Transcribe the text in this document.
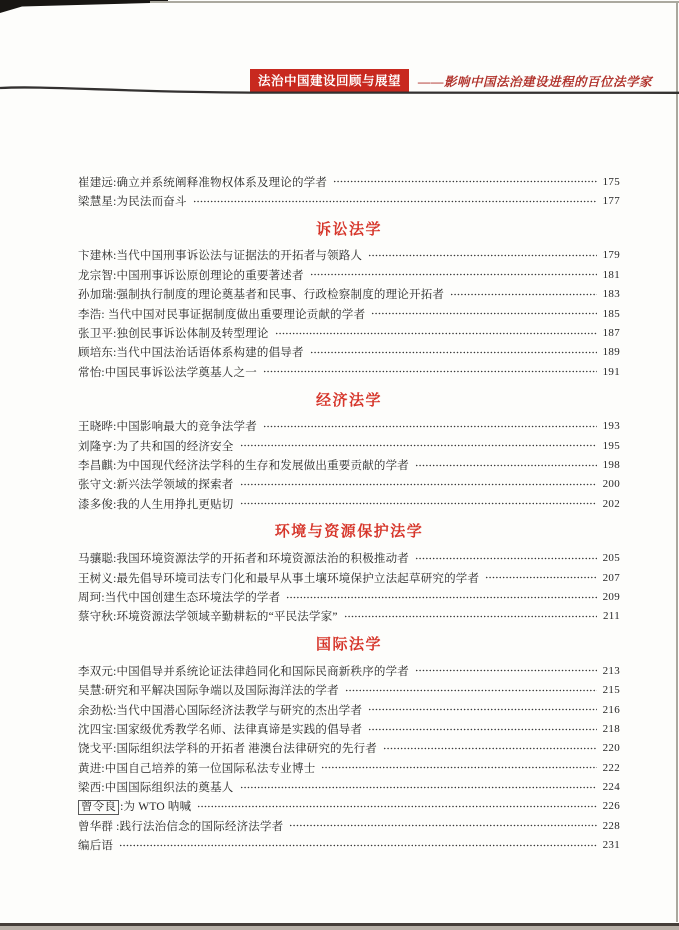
法治中国建设回顾与展望	——影响中国法治建设进程的百位法学家
崔建远:确立并系统阐释准物权体系及理论的学者	175
梁慧星:为民法而奋斗	177
诉讼法学
卞建林:当代中国刑事诉讼法与证据法的开拓者与领路人	179
龙宗智:中国刑事诉讼原创理论的重要著述者	181
孙加瑞:强制执行制度的理论奠基者和民事、行政检察制度的理论开拓者	183
李浩: 当代中国对民事证据制度做出重要理论贡献的学者	185
张卫平:独创民事诉讼体制及转型理论	187
顾培东:当代中国法治话语体系构建的倡导者	189
常怡:中国民事诉讼法学奠基人之一	191
经济法学
王晓晔:中国影响最大的竞争法学者	193
刘隆亨:为了共和国的经济安全	195
李昌麒:为中国现代经济法学科的生存和发展做出重要贡献的学者	198
张守文:新兴法学领域的探索者	200
漆多俊:我的人生用挣扎更贴切	202
环境与资源保护法学
马骧聪:我国环境资源法学的开拓者和环境资源法治的积极推动者	205
王树义:最先倡导环境司法专门化和最早从事土壤环境保护立法起草研究的学者	207
周珂:当代中国创建生态环境法学的学者	209
蔡守秋:环境资源法学领域辛勤耕耘的“平民法学家”	211
国际法学
李双元:中国倡导并系统论证法律趋同化和国际民商新秩序的学者	213
吴慧:研究和平解决国际争端以及国际海洋法的学者	215
余劲松:当代中国潜心国际经济法教学与研究的杰出学者	216
沈四宝:国家级优秀教学名师、法律真谛是实践的倡导者	218
饶戈平:国际组织法学科的开拓者 港澳台法律研究的先行者	220
黄进:中国自己培养的第一位国际私法专业博士	222
梁西:中国国际组织法的奠基人	224
曾令良 :为 WTO 呐喊	226
曾华群 :践行法治信念的国际经济法学者	228
编后语	231
